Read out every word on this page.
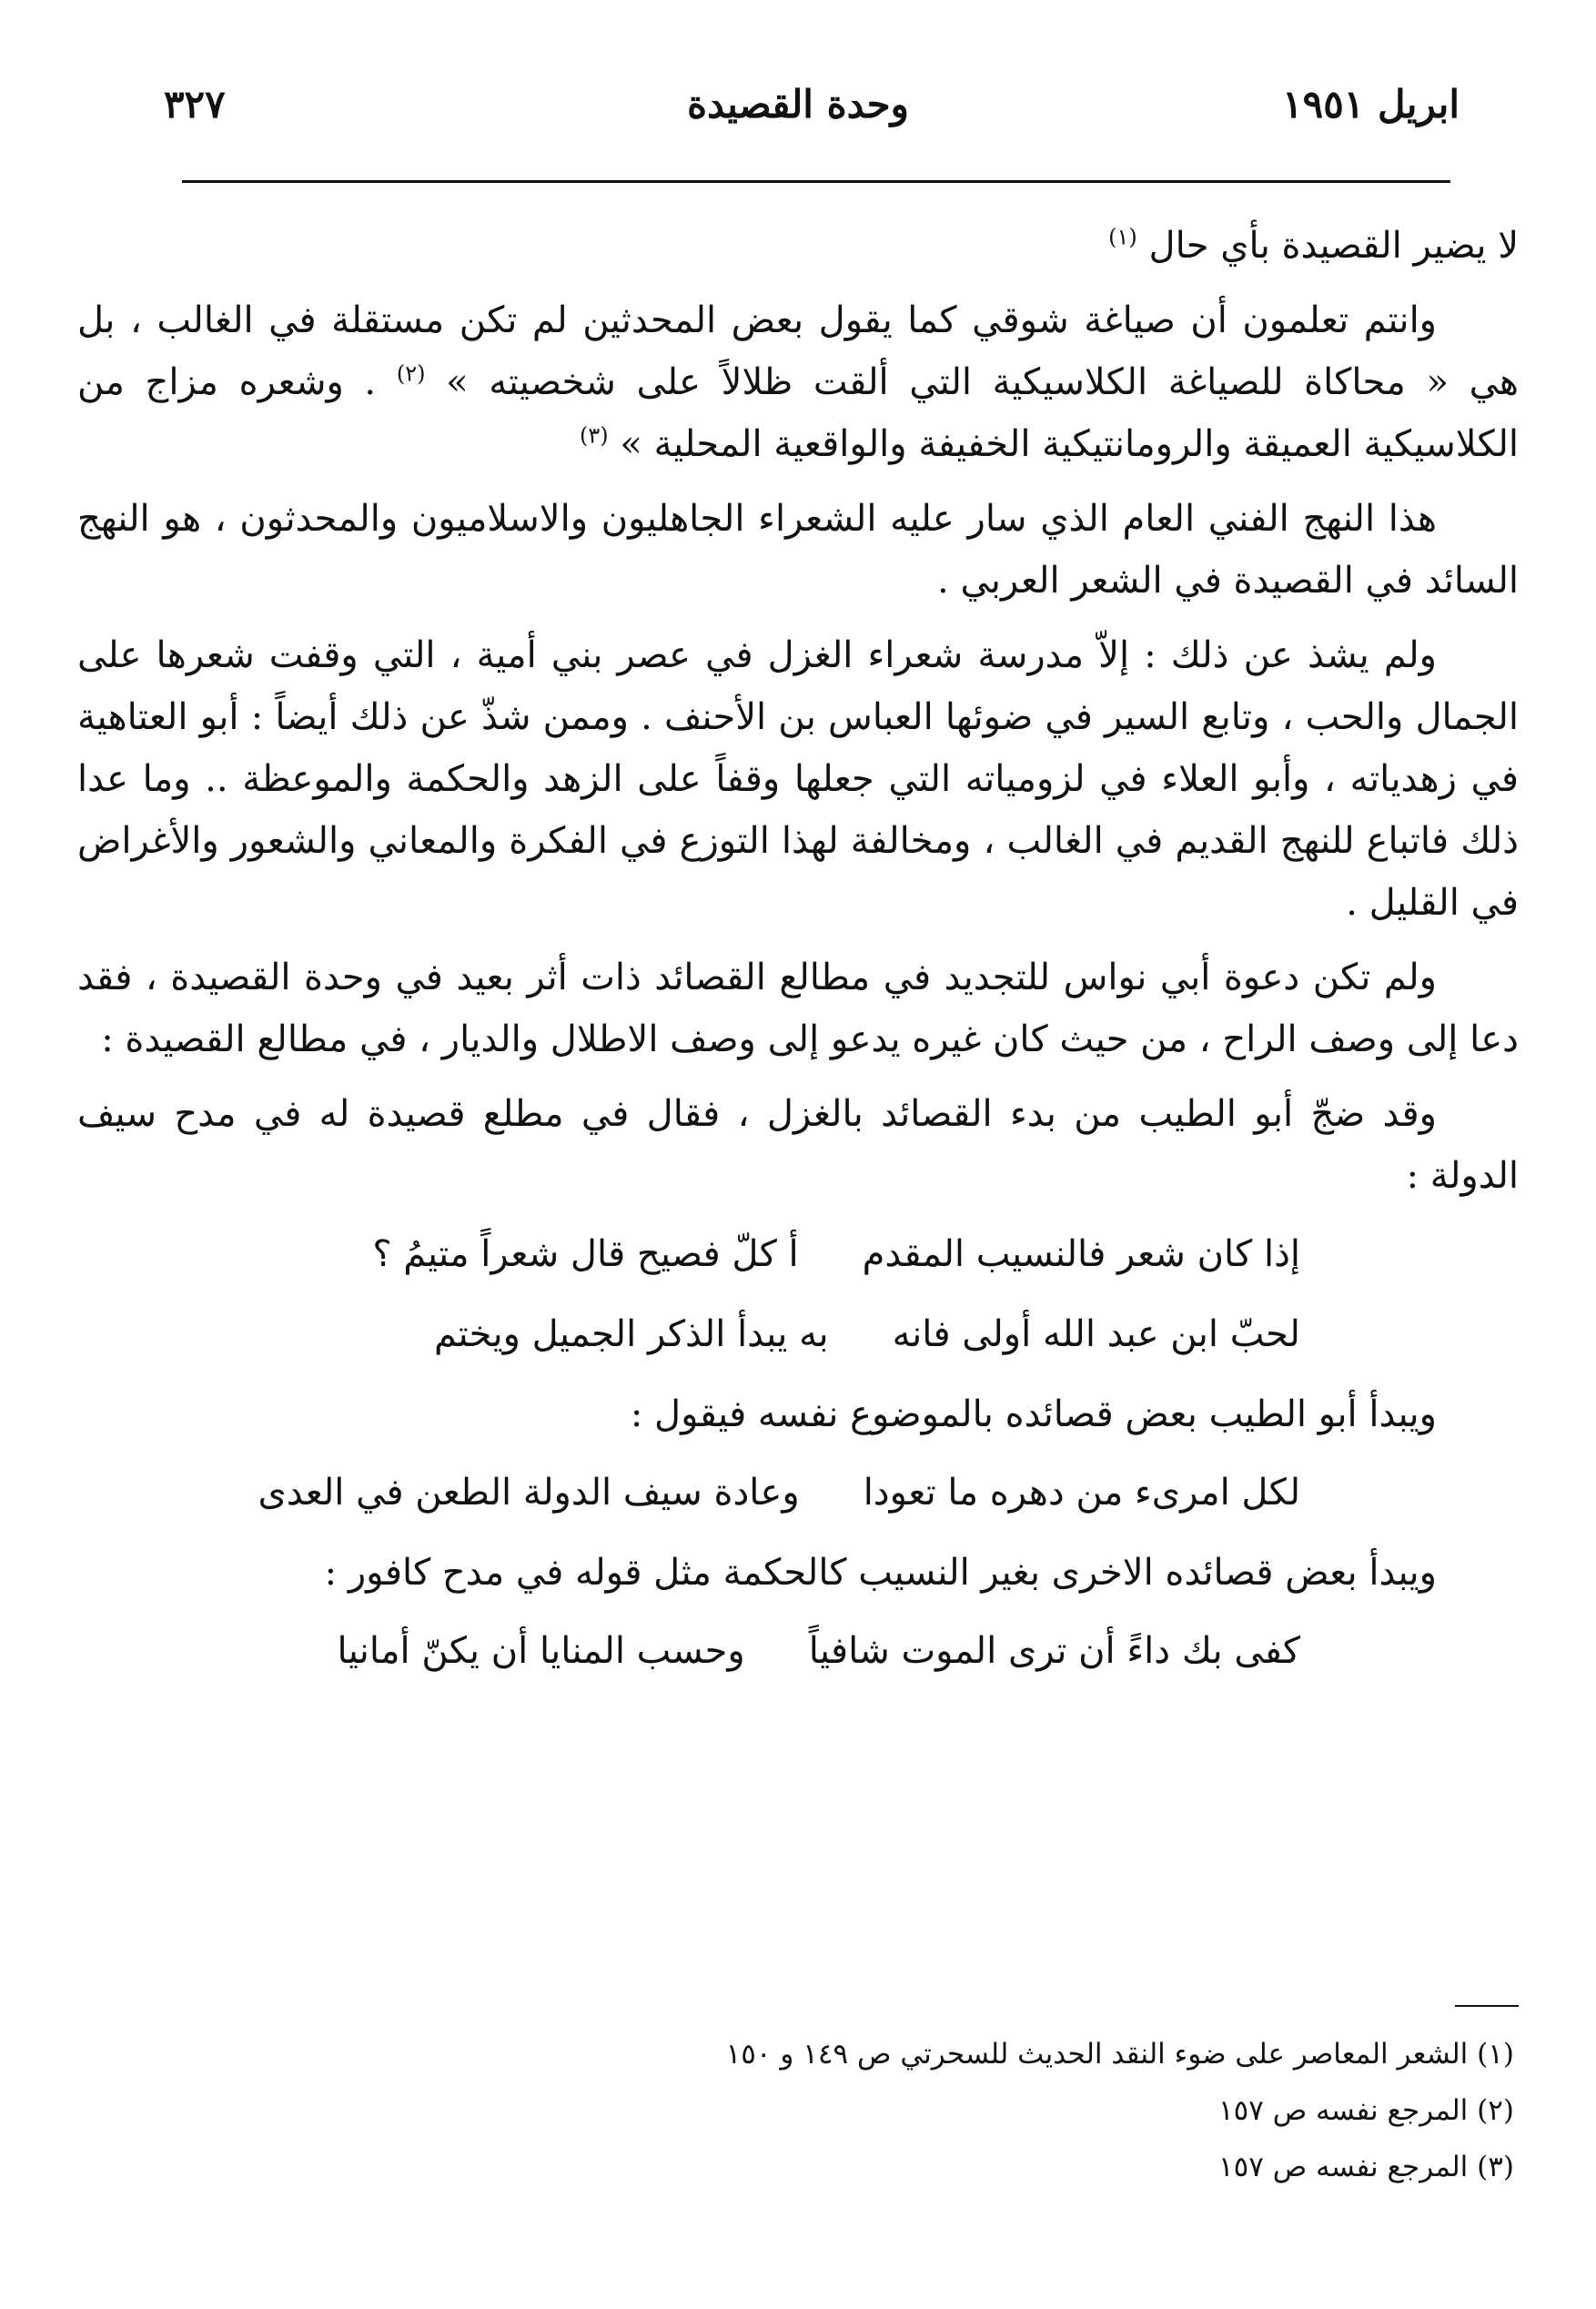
ابريل ١٩٥١
وحدة القصيدة
٣٢٧

لا يضير القصيدة بأي حال $^{(١)}$

وانتم تعلمون أن صياغة شوقي كما يقول بعض المحدثين لم تكن مستقلة في الغالب ، بل هي « محاكاة للصياغة الكلاسيكية التي ألقت ظلالاً على شخصيته » $^{(٢)}$ . وشعره مزاج من الكلاسيكية العميقة والرومانتيكية الخفيفة والواقعية المحلية » $^{(٣)}$

هذا النهج الفني العام الذي سار عليه الشعراء الجاهليون والاسلاميون والمحدثون ، هو النهج السائد في القصيدة في الشعر العربي .

ولم يشذ عن ذلك : إلاّ مدرسة شعراء الغزل في عصر بني أمية ، التي وقفت شعرها على الجمال والحب ، وتابع السير في ضوئها العباس بن الأحنف . وممن شذّ عن ذلك أيضاً : أبو العتاهية في زهدياته ، وأبو العلاء في لزومياته التي جعلها وقفاً على الزهد والحكمة والموعظة .. وما عدا ذلك فاتباع للنهج القديم في الغالب ، ومخالفة لهذا التوزع في الفكرة والمعاني والشعور والأغراض في القليل .

ولم تكن دعوة أبي نواس للتجديد في مطالع القصائد ذات أثر بعيد في وحدة القصيدة ، فقد دعا إلى وصف الراح ، من حيث كان غيره يدعو إلى وصف الاطلال والديار ، في مطالع القصيدة :

وقد ضجّ أبو الطيب من بدء القصائد بالغزل ، فقال في مطلع قصيدة له في مدح سيف الدولة :

إذا كان شعر فالنسيب المقدم
أ كلّ فصيح قال شعراً متيمُ ؟
لحبّ ابن عبد الله أولى فانه
به يبدأ الذكر الجميل ويختم

ويبدأ أبو الطيب بعض قصائده بالموضوع نفسه فيقول :

لكل امرىء من دهره ما تعودا
وعادة سيف الدولة الطعن في العدى

ويبدأ بعض قصائده الاخرى بغير النسيب كالحكمة مثل قوله في مدح كافور :

كفى بك داءً أن ترى الموت شافياً
وحسب المنايا أن يكنّ أمانيا
(١) الشعر المعاصر على ضوء النقد الحديث للسحرتي ص ١٤٩ و ١٥٠
(٢) المرجع نفسه ص ١٥٧
(٣) المرجع نفسه ص ١٥٧
